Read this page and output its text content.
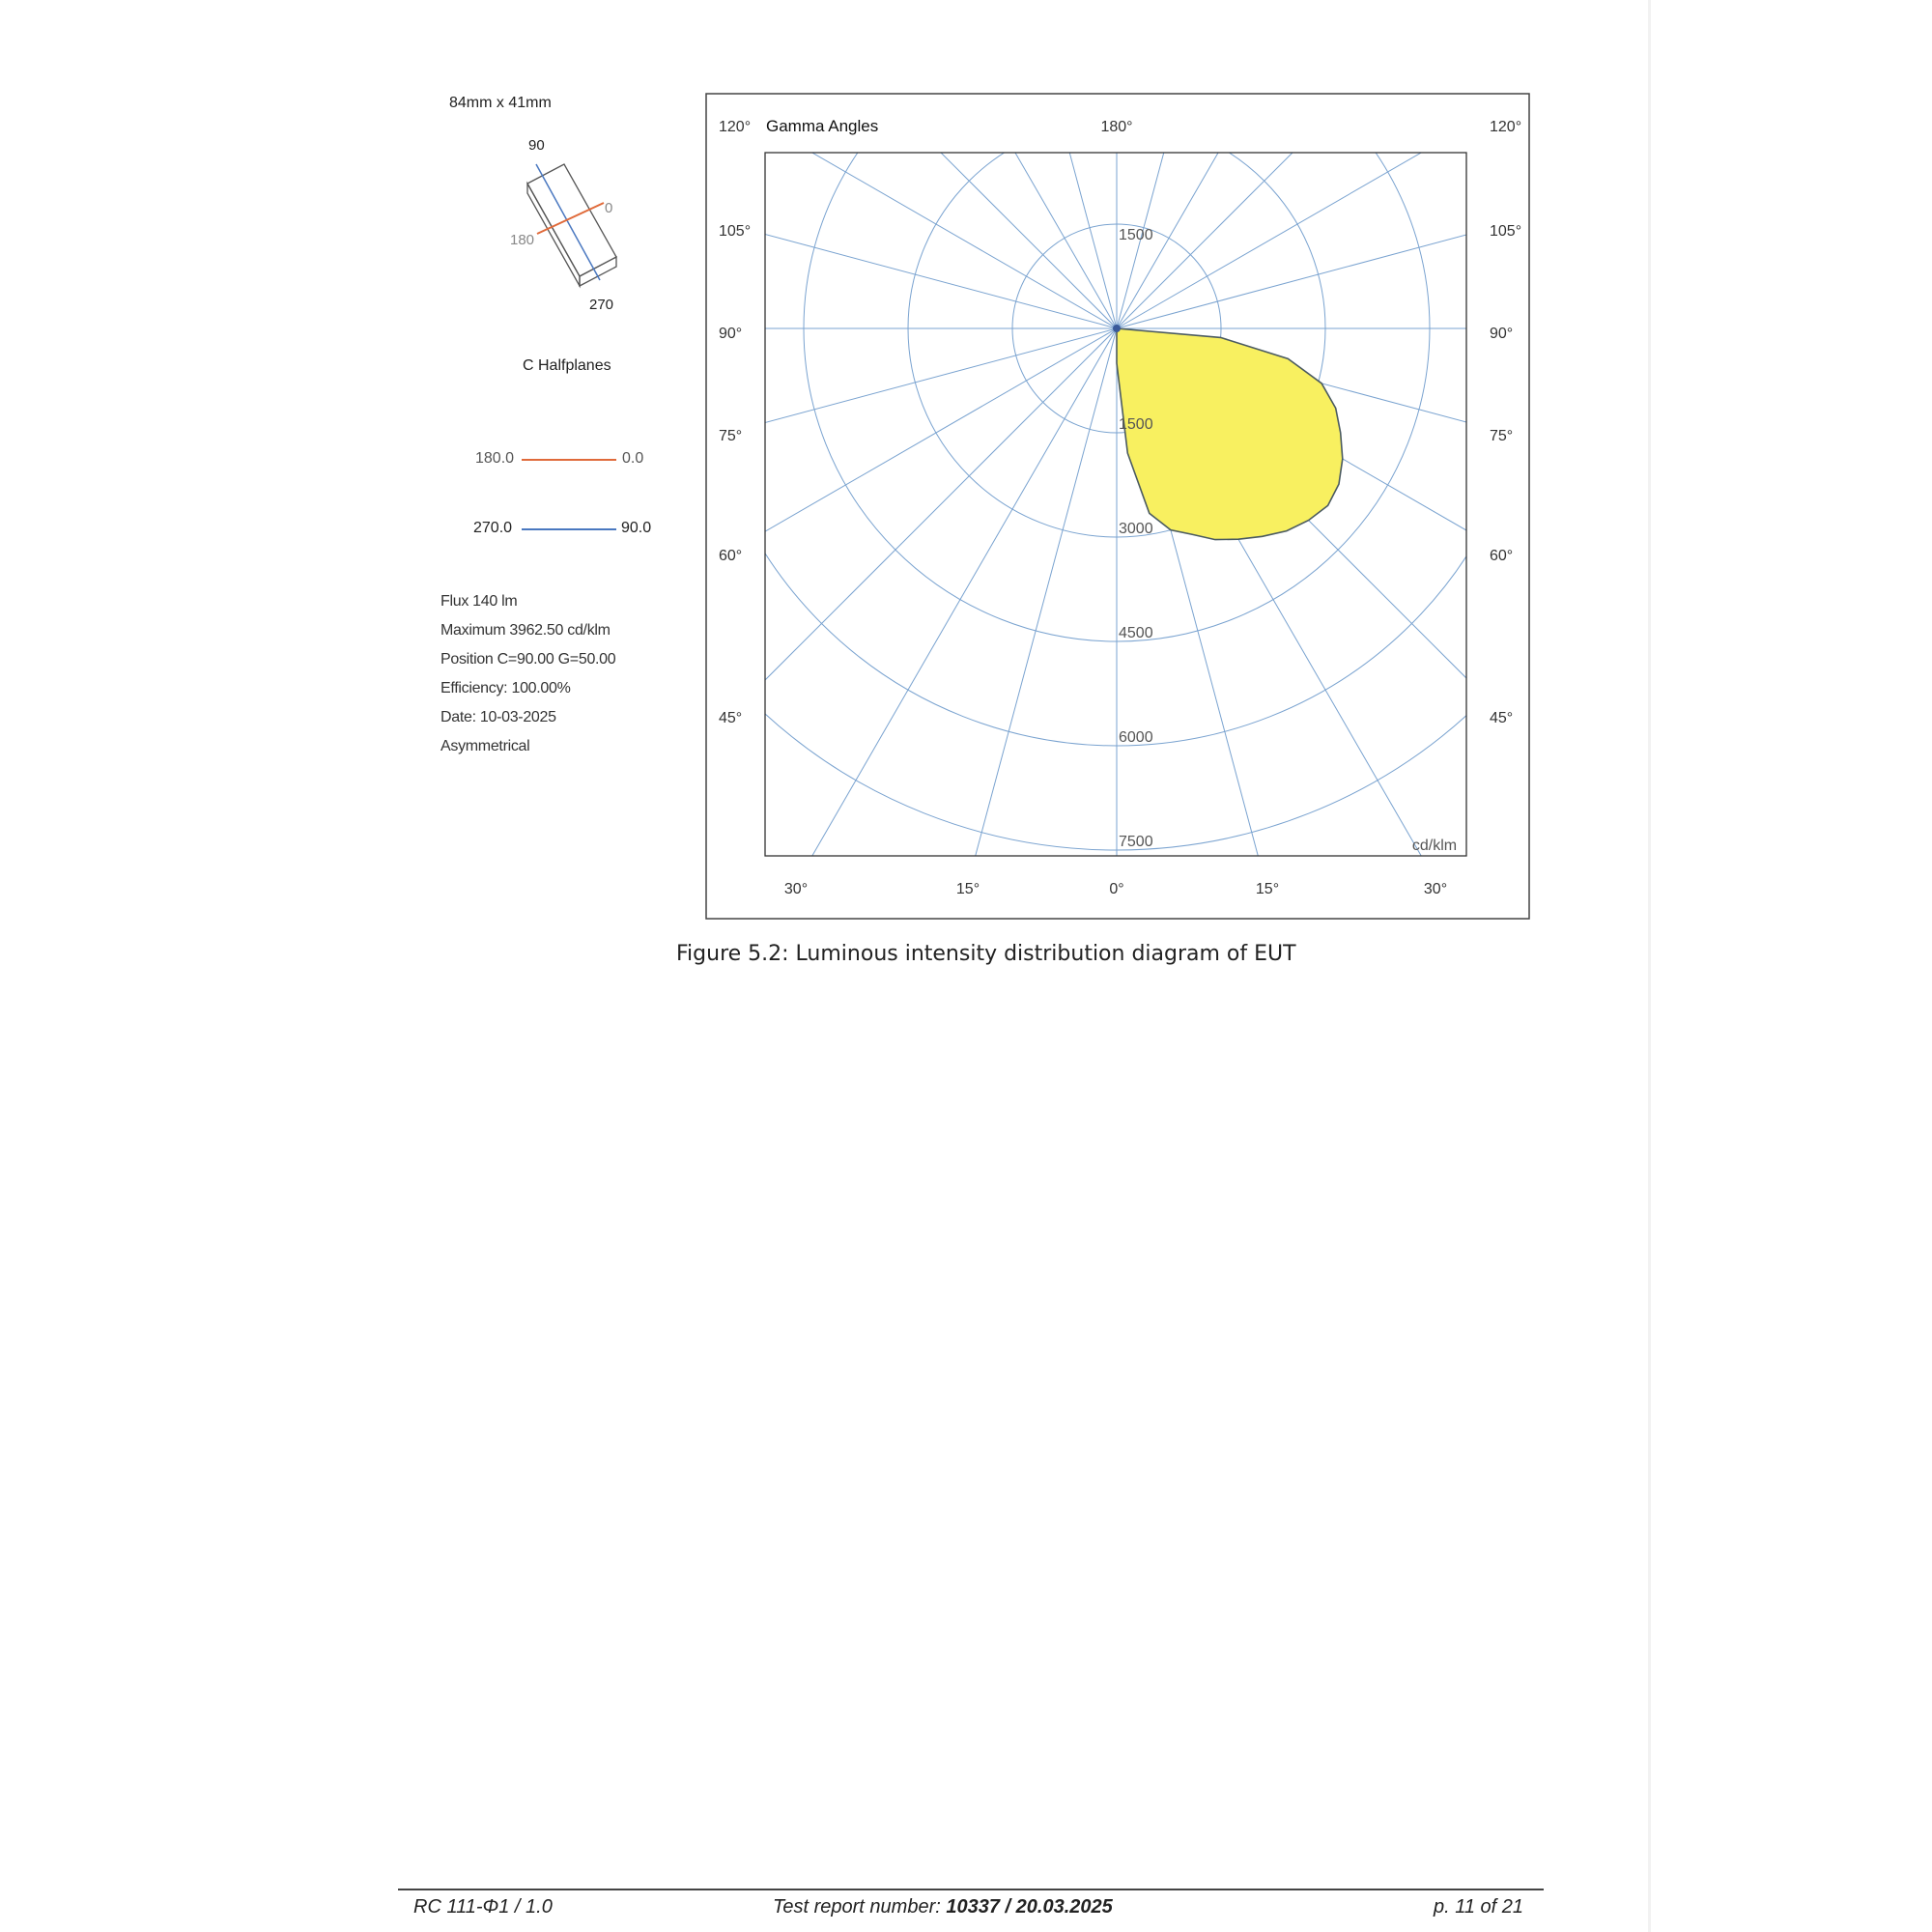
84mm x 41mm
90
0
180
270
C Halfplanes
180.0	0.0
270.0	90.0
Flux 140 lm
Maximum 3962.50 cd/klm
Position C=90.00 G=50.00
Efficiency: 100.00%
Date: 10-03-2025
Asymmetrical
Gamma Angles
1500
3000
4500
6000
7500
1500
cd/klm
120°
105°
90°
75°
60°
45°
120°
105°
90°
75°
60°
45°
180°
30°	15°	0°	15°	30°
Figure 5.2: Luminous intensity distribution diagram of EUT
RC 111-Φ1 / 1.0	Test report number: 10337 / 20.03.2025	p. 11 of 21
